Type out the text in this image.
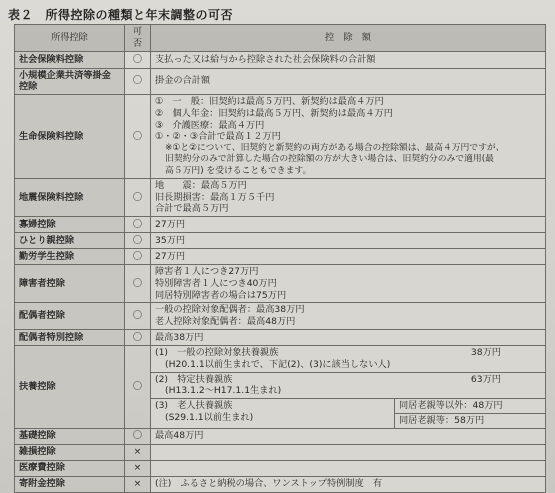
表２　所得控除の種類と年末調整の可否
所得控除	可否	控　除　額
社会保険料控除	〇	支払った又は給与から控除された社会保険料の合計額

小規模企業共済等掛金控除	〇	掛金の合計額

生命保険料控除	〇	
①　一　般：旧契約は最高５万円、新契約は最高４万円
②　個人年金：旧契約は最高５万円、新契約は最高４万円
③　介護医療：最高４万円
①・②・③合計で最高１２万円
※①と②について、旧契約と新契約の両方がある場合の控除額は、最高４万円ですが、
旧契約分のみで計算した場合の控除額の方が大きい場合は、旧契約分のみで適用(最
高５万円) を受けることもできます。

地震保険料控除	〇	
地　　震：最高５万円
旧長期損害：最高１万５千円
合計で最高５万円

寡婦控除	〇	27万円

ひとり親控除	〇	35万円

勤労学生控除	〇	27万円

障害者控除	〇	
障害者１人につき27万円
特別障害者１人につき40万円
同居特別障害者の場合は75万円

配偶者控除	〇	
一般の控除対象配偶者：最高38万円
老人控除対象配偶者：最高48万円

配偶者特別控除	〇	最高38万円

扶養控除	〇	
(1)　一般の控除対象扶養親族	38万円
(H20.1.1以前生まれで、下記(2)、(3)に該当しない人)

(2)　特定扶養親族	63万円
(H13.1.2～H17.1.1生まれ)

(3)　老人扶養親族
(S29.1.1以前生まれ)
同居老親等以外：48万円
同居老親等：58万円

基礎控除	〇	最高48万円
雑損控除	×	
医療費控除	×	
寄附金控除	×	(注)　ふるさと納税の場合、ワンストップ特例制度　有
